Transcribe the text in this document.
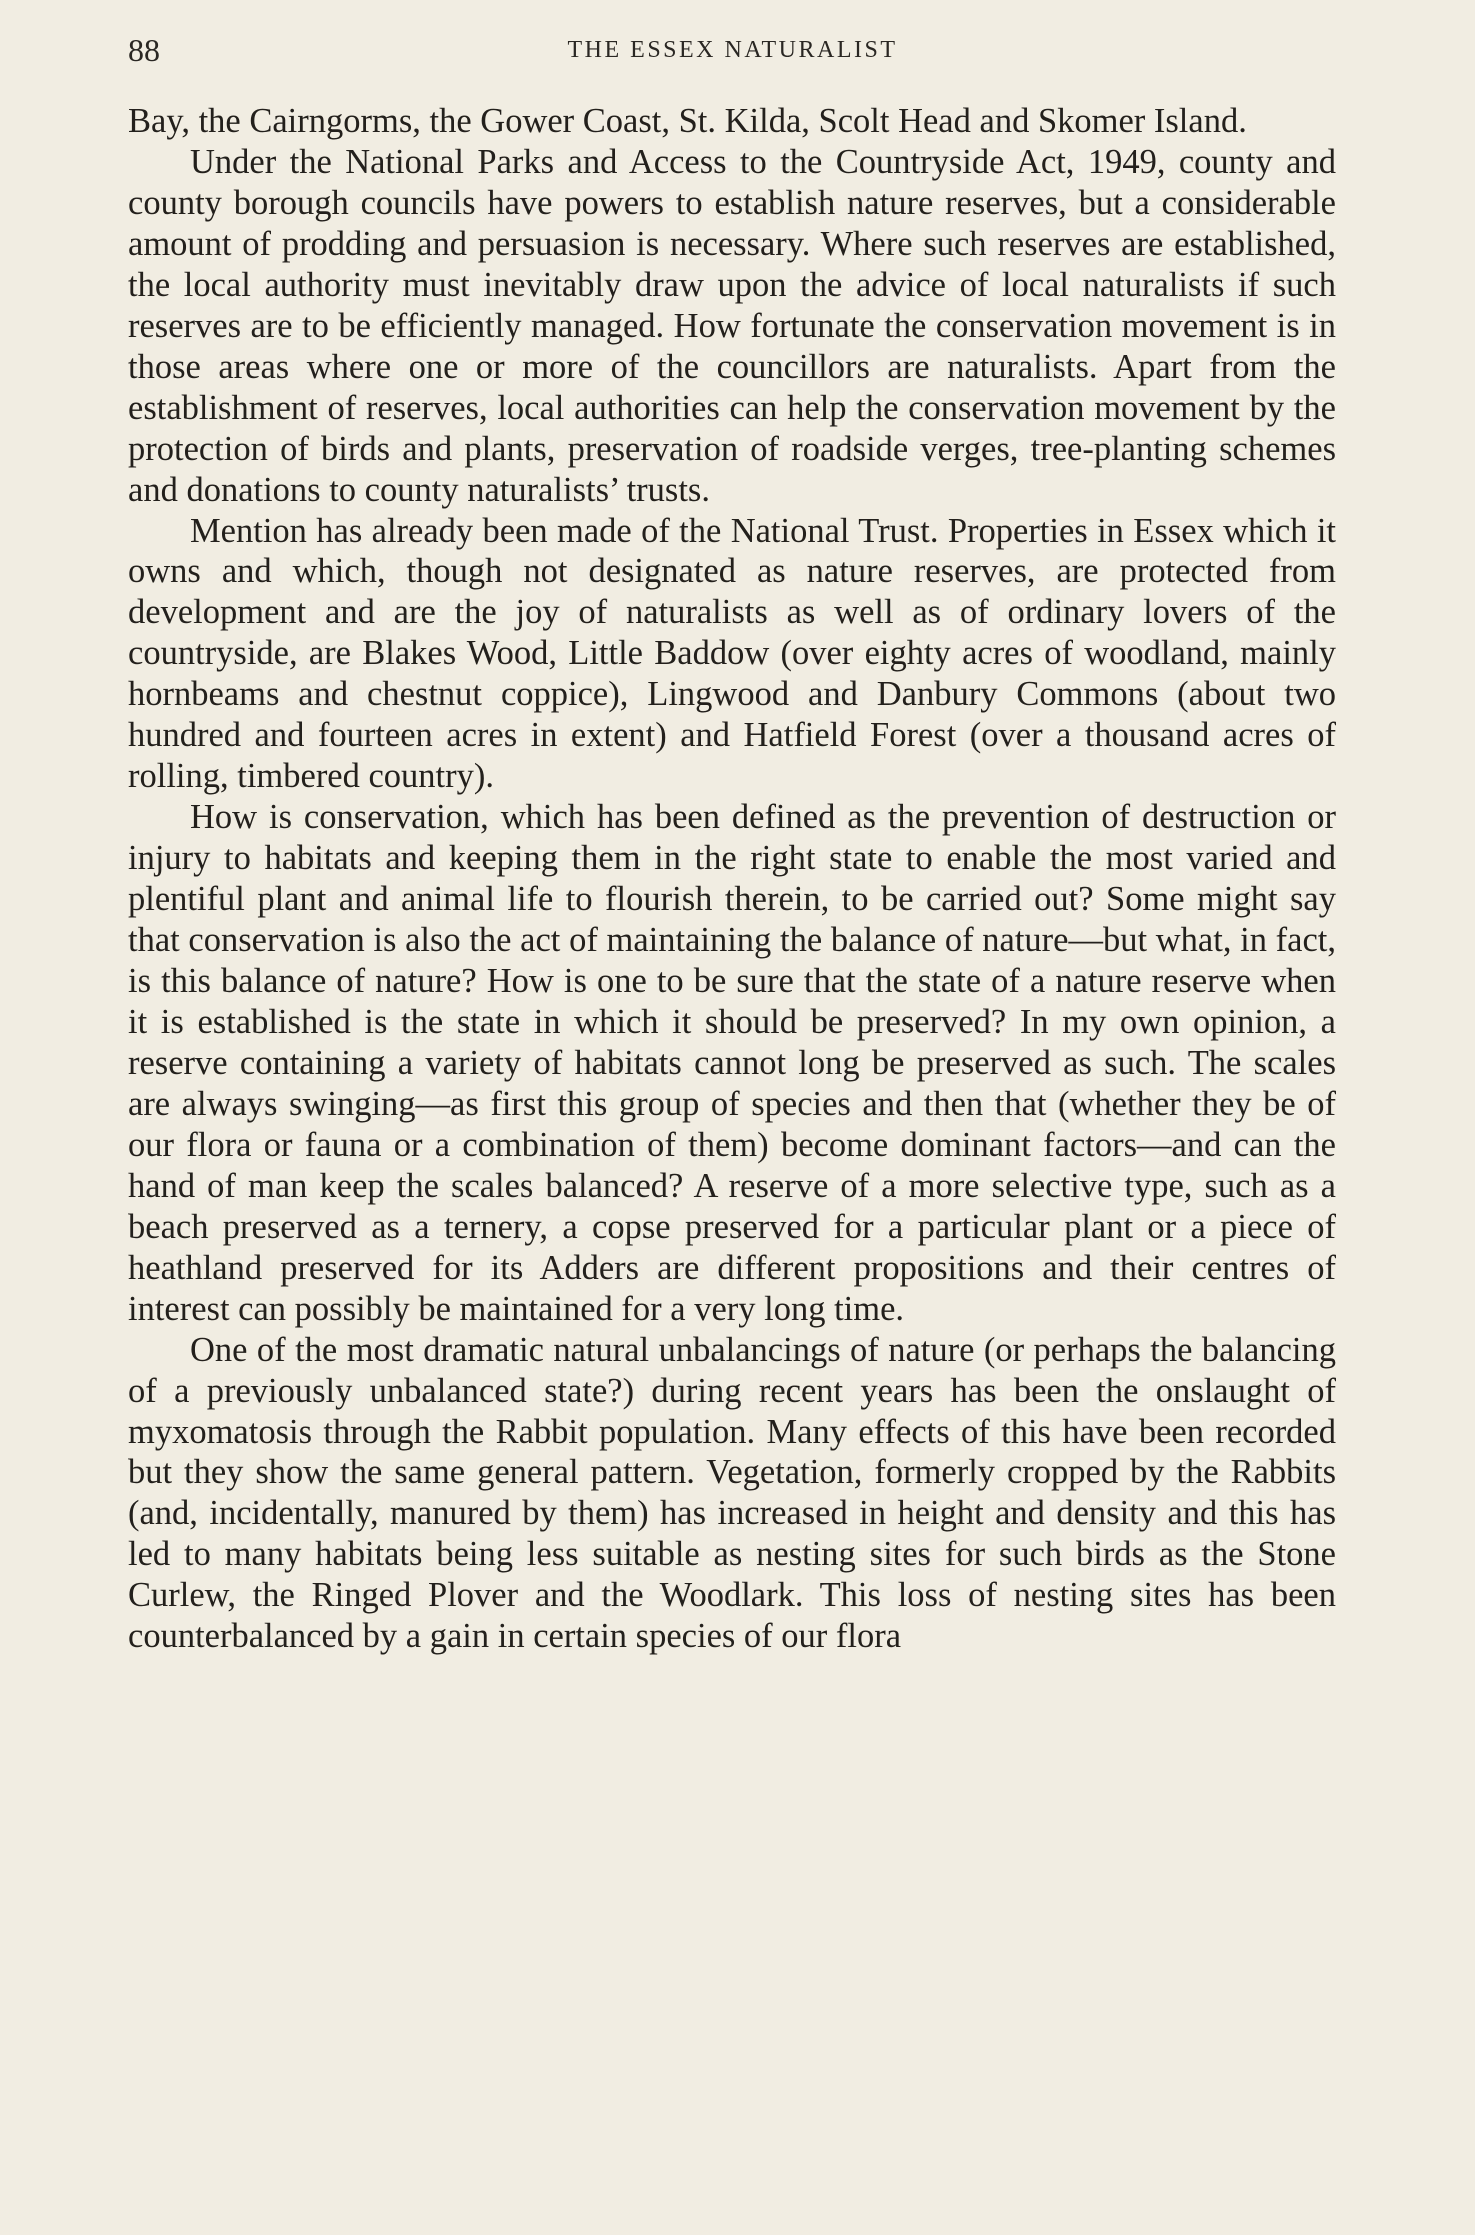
88	THE ESSEX NATURALIST

Bay, the Cairngorms, the Gower Coast, St. Kilda, Scolt Head and Skomer Island.

Under the National Parks and Access to the Countryside Act, 1949, county and county borough councils have powers to establish nature reserves, but a considerable amount of prodding and persuasion is necessary. Where such reserves are established, the local authority must inevitably draw upon the advice of local naturalists if such reserves are to be efficiently managed. How fortunate the conservation movement is in those areas where one or more of the councillors are naturalists. Apart from the establishment of reserves, local authorities can help the conservation movement by the protection of birds and plants, preservation of roadside verges, tree-planting schemes and donations to county naturalists’ trusts.

Mention has already been made of the National Trust. Properties in Essex which it owns and which, though not designated as nature reserves, are protected from development and are the joy of naturalists as well as of ordinary lovers of the countryside, are Blakes Wood, Little Baddow (over eighty acres of woodland, mainly hornbeams and chestnut coppice), Lingwood and Danbury Commons (about two hundred and fourteen acres in extent) and Hatfield Forest (over a thousand acres of rolling, timbered country).

How is conservation, which has been defined as the prevention of destruction or injury to habitats and keeping them in the right state to enable the most varied and plentiful plant and animal life to flourish therein, to be carried out? Some might say that conservation is also the act of maintaining the balance of nature—but what, in fact, is this balance of nature? How is one to be sure that the state of a nature reserve when it is established is the state in which it should be preserved? In my own opinion, a reserve containing a variety of habitats cannot long be preserved as such. The scales are always swinging—as first this group of species and then that (whether they be of our flora or fauna or a combination of them) become dominant factors—and can the hand of man keep the scales balanced? A reserve of a more selective type, such as a beach preserved as a ternery, a copse preserved for a particular plant or a piece of heathland preserved for its Adders are different propositions and their centres of interest can possibly be maintained for a very long time.

One of the most dramatic natural unbalancings of nature (or perhaps the balancing of a previously unbalanced state?) during recent years has been the onslaught of myxomatosis through the Rabbit population. Many effects of this have been recorded but they show the same general pattern. Vegetation, formerly cropped by the Rabbits (and, incidentally, manured by them) has increased in height and density and this has led to many habitats being less suitable as nesting sites for such birds as the Stone Curlew, the Ringed Plover and the Woodlark. This loss of nesting sites has been counterbalanced by a gain in certain species of our flora
